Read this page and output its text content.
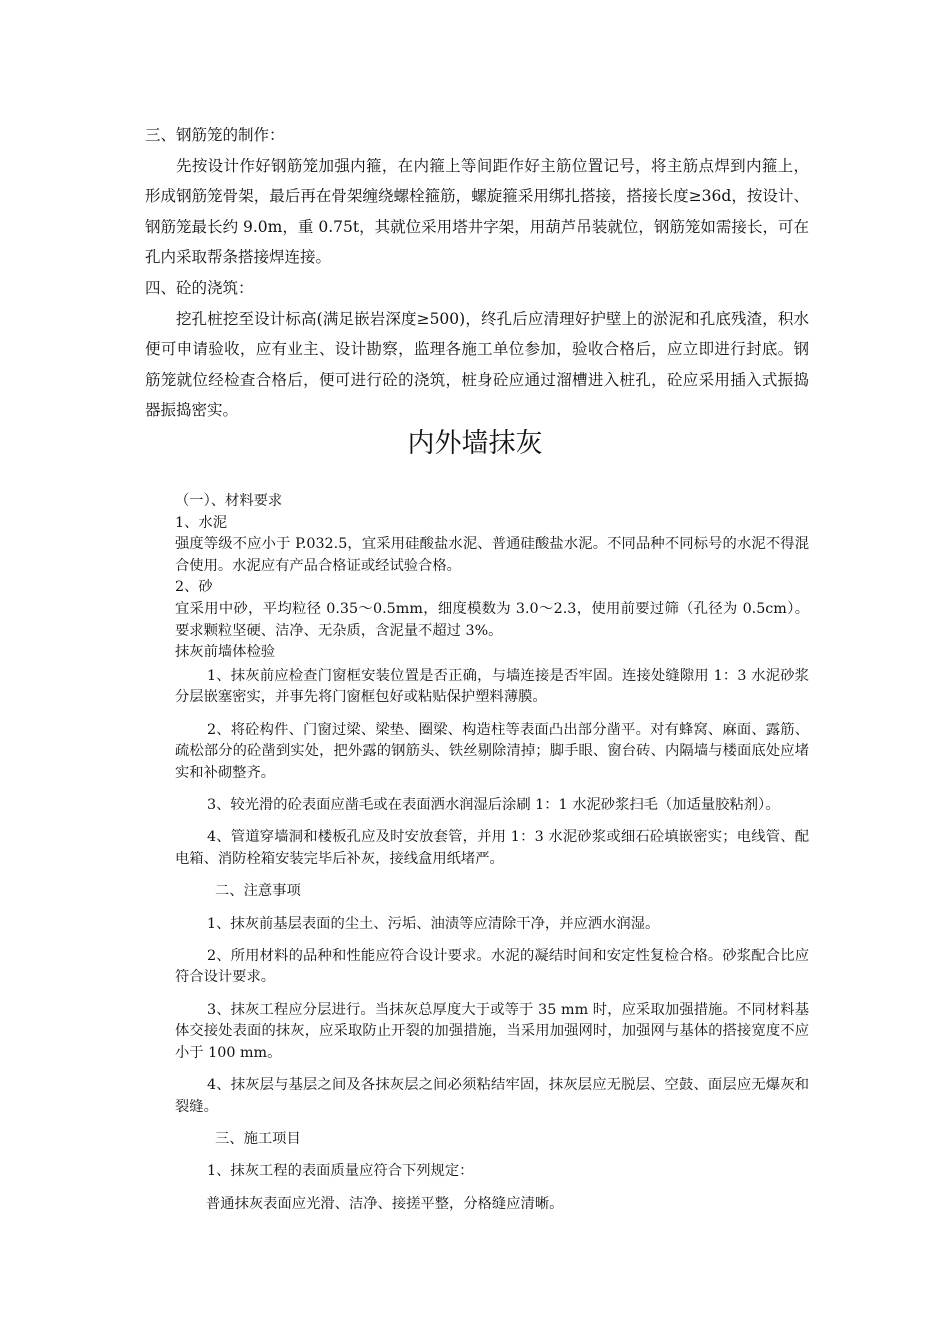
三、钢筋笼的制作：

先按设计作好钢筋笼加强内箍，在内箍上等间距作好主筋位置记号，将主筋点焊到内箍上，形成钢筋笼骨架，最后再在骨架缠绕螺栓箍筋，螺旋箍采用绑扎搭接，搭接长度≥36d，按设计、钢筋笼最长约 9.0m，重 0.75t，其就位采用塔井字架，用葫芦吊装就位，钢筋笼如需接长，可在孔内采取帮条搭接焊连接。

四、砼的浇筑：

挖孔桩挖至设计标高(满足嵌岩深度≥500)，终孔后应清理好护壁上的淤泥和孔底残渣，积水便可申请验收，应有业主、设计勘察，监理各施工单位参加，验收合格后，应立即进行封底。钢筋笼就位经检查合格后，便可进行砼的浇筑，桩身砼应通过溜槽进入桩孔，砼应采用插入式振捣器振捣密实。

内外墙抹灰

（一）、材料要求

1、水泥

强度等级不应小于 P.032.5，宜采用硅酸盐水泥、普通硅酸盐水泥。不同品种不同标号的水泥不得混合使用。水泥应有产品合格证或经试验合格。

2、砂

宜采用中砂，平均粒径 0.35～0.5mm，细度模数为 3.0～2.3，使用前要过筛（孔径为 0.5cm）。要求颗粒坚硬、洁净、无杂质，含泥量不超过 3%。

抹灰前墙体检验

1、抹灰前应检查门窗框安装位置是否正确，与墙连接是否牢固。连接处缝隙用 1：3 水泥砂浆分层嵌塞密实，并事先将门窗框包好或粘贴保护塑料薄膜。

2、将砼构件、门窗过梁、梁垫、圈梁、构造柱等表面凸出部分凿平。对有蜂窝、麻面、露筋、疏松部分的砼凿到实处，把外露的钢筋头、铁丝剔除清掉；脚手眼、窗台砖、内隔墙与楼面底处应堵实和补砌整齐。

3、较光滑的砼表面应凿毛或在表面洒水润湿后涂刷 1：1 水泥砂浆扫毛（加适量胶粘剂）。

4、管道穿墙洞和楼板孔应及时安放套管，并用 1：3 水泥砂浆或细石砼填嵌密实；电线管、配电箱、消防栓箱安装完毕后补灰，接线盒用纸堵严。

二、注意事项

1、抹灰前基层表面的尘土、污垢、油渍等应清除干净，并应洒水润湿。

2、所用材料的品种和性能应符合设计要求。水泥的凝结时间和安定性复检合格。砂浆配合比应符合设计要求。

3、抹灰工程应分层进行。当抹灰总厚度大于或等于 35 mm 时，应采取加强措施。不同材料基体交接处表面的抹灰，应采取防止开裂的加强措施，当采用加强网时，加强网与基体的搭接宽度不应小于 100 mm。

4、抹灰层与基层之间及各抹灰层之间必须粘结牢固，抹灰层应无脱层、空鼓、面层应无爆灰和裂缝。

三、施工项目

1、抹灰工程的表面质量应符合下列规定：

普通抹灰表面应光滑、洁净、接搓平整，分格缝应清晰。
